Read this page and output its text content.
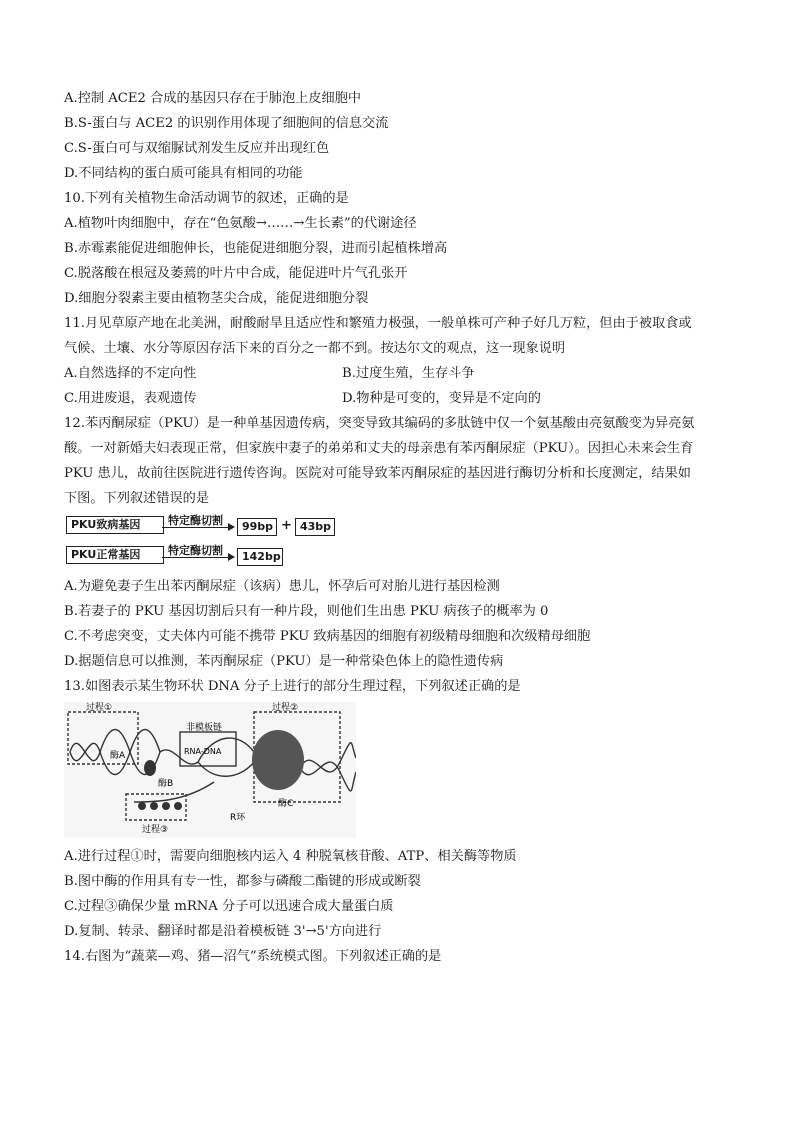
A.控制 ACE2 合成的基因只存在于肺泡上皮细胞中
B.S-蛋白与 ACE2 的识别作用体现了细胞间的信息交流
C.S-蛋白可与双缩脲试剂发生反应并出现红色
D.不同结构的蛋白质可能具有相同的功能
10.下列有关植物生命活动调节的叙述，正确的是
A.植物叶肉细胞中，存在“色氨酸→……→生长素”的代谢途径
B.赤霉素能促进细胞伸长，也能促进细胞分裂，进而引起植株增高
C.脱落酸在根冠及萎蔫的叶片中合成，能促进叶片气孔张开
D.细胞分裂素主要由植物茎尖合成，能促进细胞分裂
11.月见草原产地在北美洲，耐酸耐旱且适应性和繁殖力极强，一般单株可产种子好几万粒，但由于被取食或
气候、土壤、水分等原因存活下来的百分之一都不到。按达尔文的观点，这一现象说明
A.自然选择的不定向性	B.过度生殖，生存斗争
C.用进废退，表观遗传	D.物种是可变的，变异是不定向的
12.苯丙酮尿症（PKU）是一种单基因遗传病，突变导致其编码的多肽链中仅一个氨基酸由亮氨酸变为异亮氨
酸。一对新婚夫妇表现正常，但家族中妻子的弟弟和丈夫的母亲患有苯丙酮尿症（PKU）。因担心未来会生育
PKU 患儿，故前往医院进行遗传咨询。医院对可能导致苯丙酮尿症的基因进行酶切分析和长度测定，结果如
下图。下列叙述错误的是
PKU致病基因	特定酶切割	99bp + 43bp
PKU正常基因	特定酶切割	142bp
A.为避免妻子生出苯丙酮尿症（该病）患儿，怀孕后可对胎儿进行基因检测
B.若妻子的 PKU 基因切割后只有一种片段，则他们生出患 PKU 病孩子的概率为 0
C.不考虑突变，丈夫体内可能不携带 PKU 致病基因的细胞有初级精母细胞和次级精母细胞
D.据题信息可以推测，苯丙酮尿症（PKU）是一种常染色体上的隐性遗传病
13.如图表示某生物环状 DNA 分子上进行的部分生理过程，下列叙述正确的是
过程①	过程②
过程③
酶A
酶B
酶C
非模板链
RNA-DNA
R环
A.进行过程①时，需要向细胞核内运入 4 种脱氧核苷酸、ATP、相关酶等物质
B.图中酶的作用具有专一性，都参与磷酸二酯键的形成或断裂
C.过程③确保少量 mRNA 分子可以迅速合成大量蛋白质
D.复制、转录、翻译时都是沿着模板链 3'→5'方向进行
14.右图为“蔬菜—鸡、猪—沼气”系统模式图。下列叙述正确的是
